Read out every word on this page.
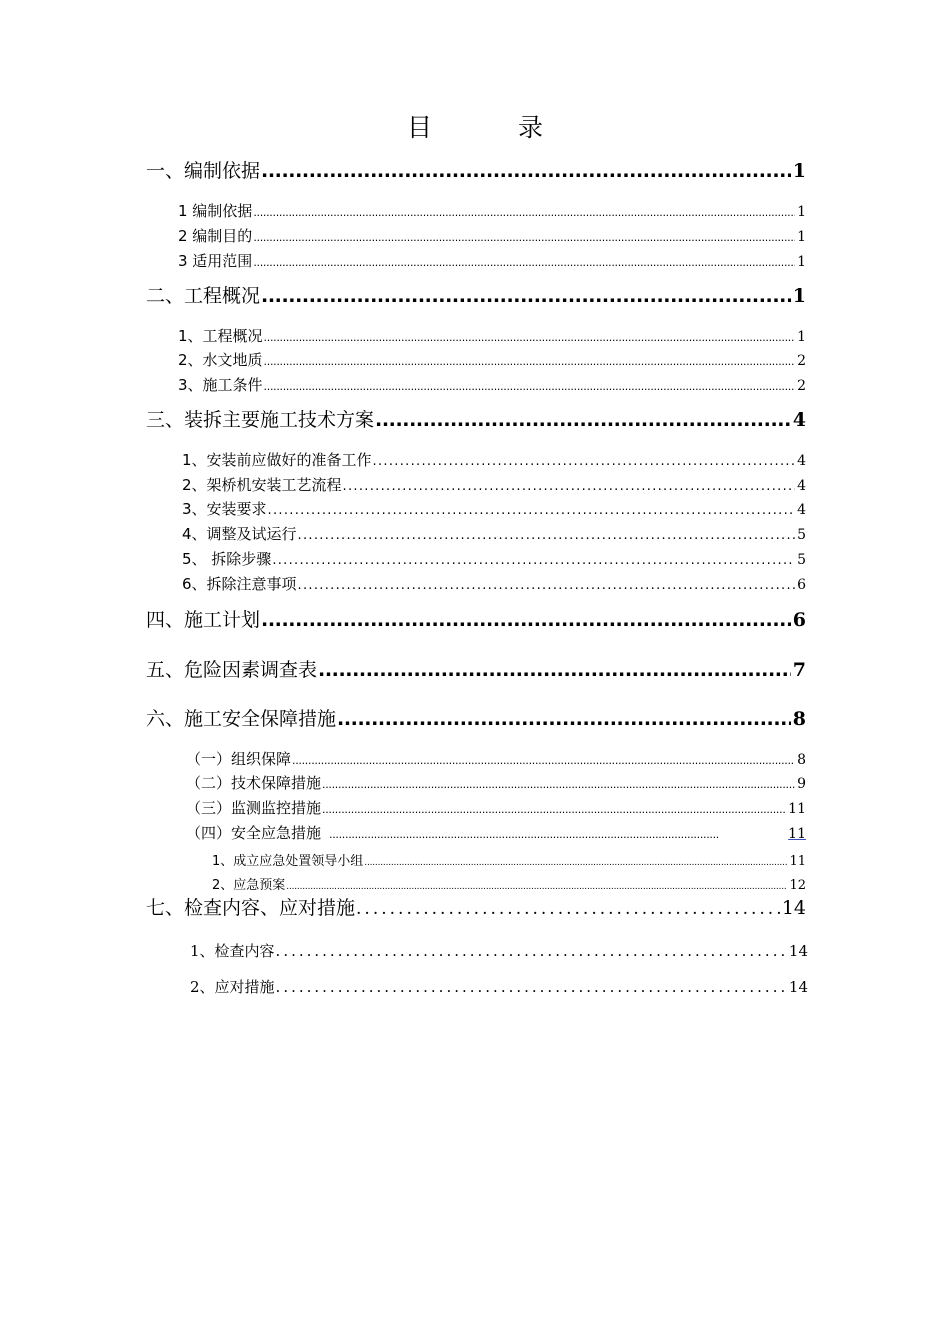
目	录
一、编制依据 .....	1
1 编制依据 .....	1
2 编制目的 .....	1
3 适用范围 .....	1
二、工程概况 .....	1
1、工程概况 .....	1
2、水文地质 .....	2
3、施工条件 .....	2
三、装拆主要施工技术方案 .....	4
1、安装前应做好的准备工作 .....	4
2、架桥机安装工艺流程 .....	4
3、安装要求 .....	4
4、调整及试运行 .....	5
5、 拆除步骤 .....	5
6、拆除注意事项 .....	6
四、施工计划 .....	6
五、危险因素调查表 .....	7
六、施工安全保障措施 .....	8
（一）组织保障 .....	8
（二）技术保障措施 .....	9
（三）监测监控措施 .....	11
（四）安全应急措施 .....	11
1、成立应急处置领导小组 .....	11
2、应急预案 .....	12
七、检查内容、应对措施 .....	14
1、检查内容 .....	14
2、应对措施 .....	14
